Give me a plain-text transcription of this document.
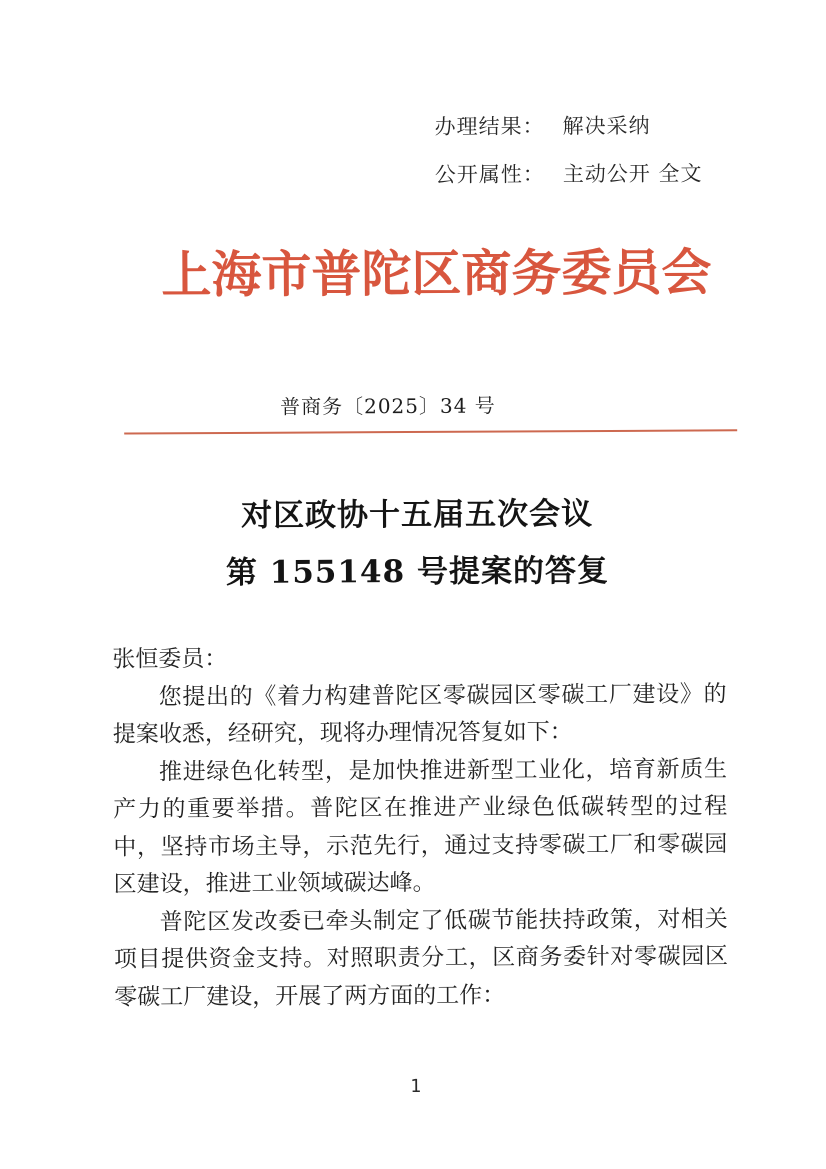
办理结果： 解决采纳
公开属性： 主动公开 全文
上海市普陀区商务委员会
普商务〔2025〕34 号
对区政协十五届五次会议
第 155148 号提案的答复
张恒委员：
您提出的《着力构建普陀区零碳园区零碳工厂建设》的
提案收悉，经研究，现将办理情况答复如下：
推进绿色化转型，是加快推进新型工业化，培育新质生
产力的重要举措。普陀区在推进产业绿色低碳转型的过程
中，坚持市场主导，示范先行，通过支持零碳工厂和零碳园
区建设，推进工业领域碳达峰。
普陀区发改委已牵头制定了低碳节能扶持政策，对相关
项目提供资金支持。对照职责分工，区商务委针对零碳园区
零碳工厂建设，开展了两方面的工作：
1
